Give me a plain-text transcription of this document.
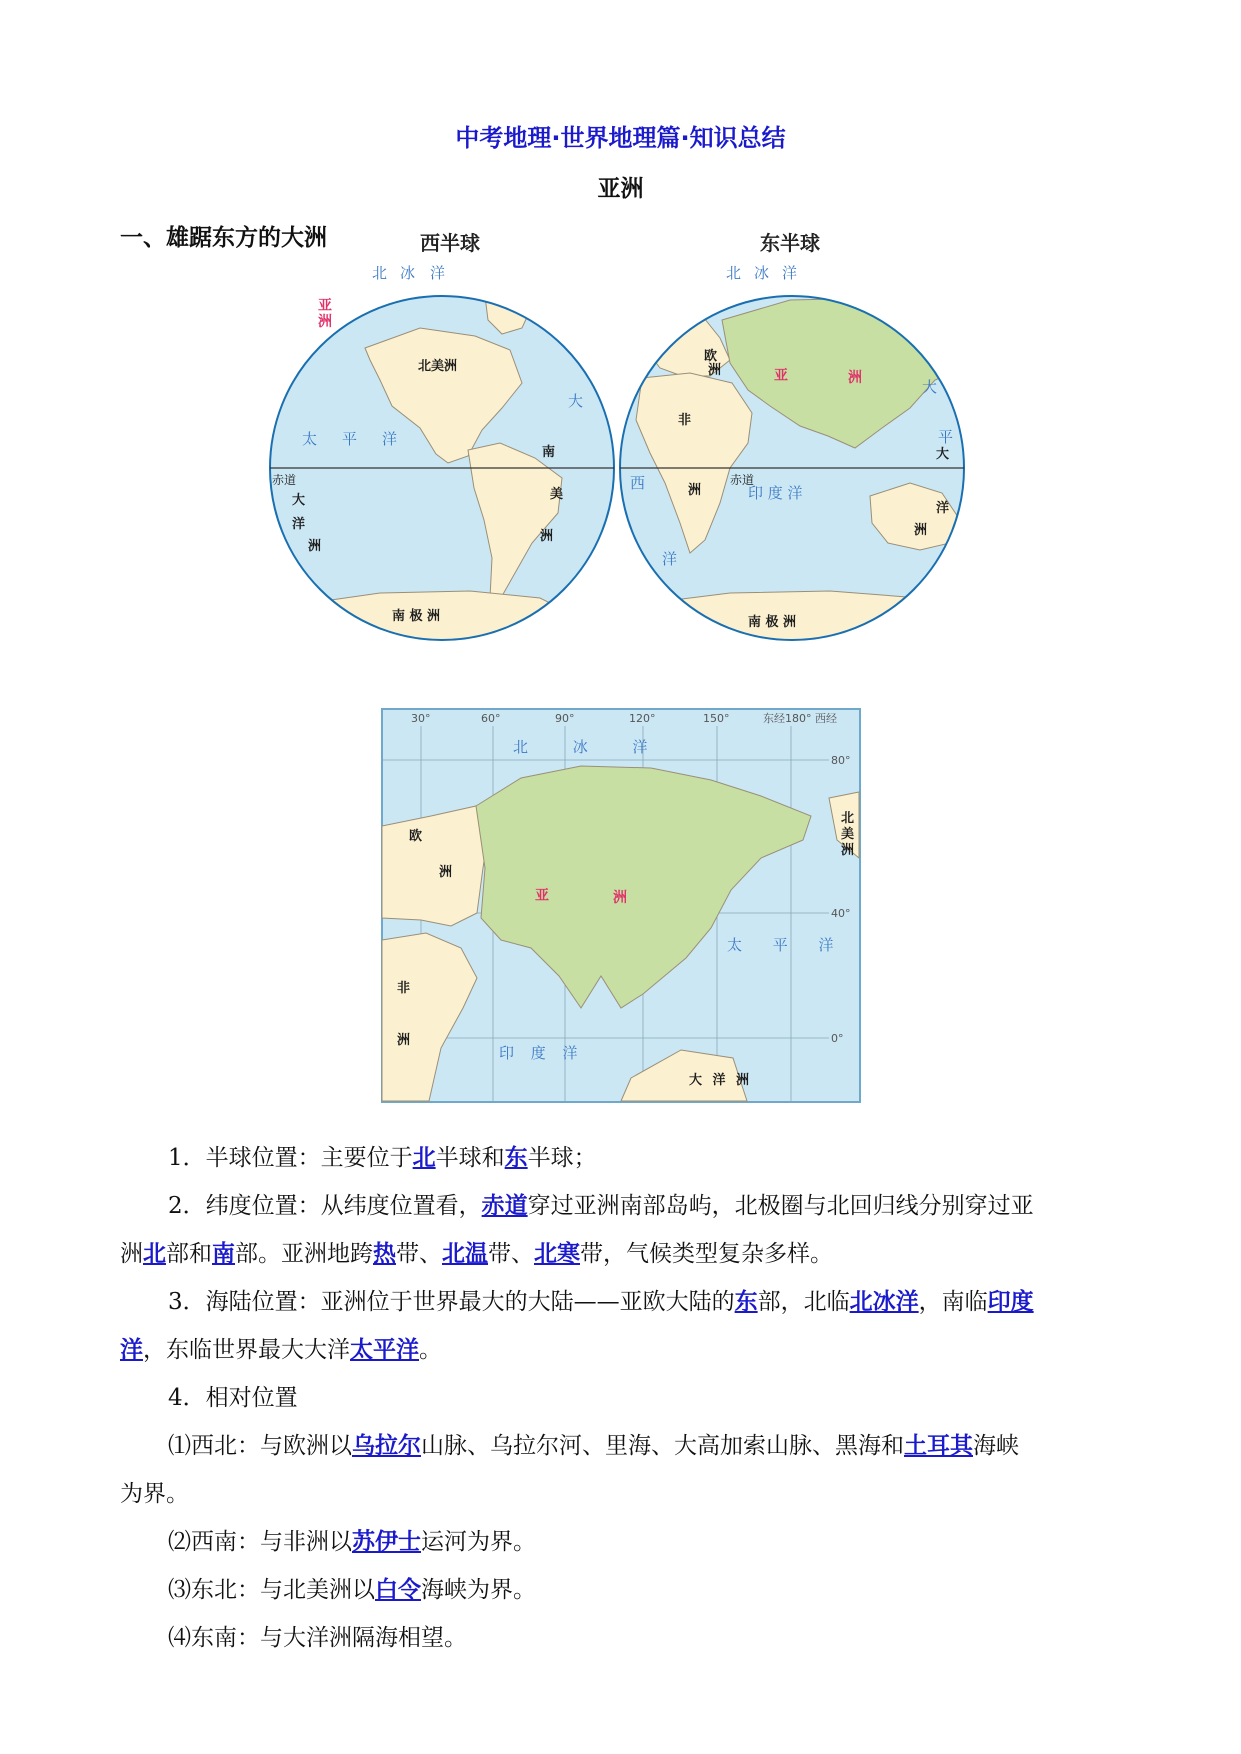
中考地理·世界地理篇·知识总结
亚洲
一、雄踞东方的大洲	西半球	东半球
北 冰 洋
亚
洲
北美洲
大
太 平 洋
赤道
南
美
洲
大
洋
洲
南 极 洲
北 冰 洋
欧
洲	亚	洲	大
非
洲
西	赤道
印 度 洋
洋
平
大
洋
洲
南 极 洲
30°	60°	90°	120°	150°	东经180° 西经
80°
40°
0°
北 冰 洋
欧
洲
亚	洲
北
美
洲
太 平 洋
非
洲
印 度 洋
大 洋 洲
1．半球位置：主要位于北半球和东半球；
2．纬度位置：从纬度位置看，赤道穿过亚洲南部岛屿，北极圈与北回归线分别穿过亚
洲北部和南部。亚洲地跨热带、北温带、北寒带，气候类型复杂多样。
3．海陆位置：亚洲位于世界最大的大陆——亚欧大陆的东部，北临北冰洋，南临印度
洋，东临世界最大大洋太平洋。
4．相对位置
⑴西北：与欧洲以乌拉尔山脉、乌拉尔河、里海、大高加索山脉、黑海和土耳其海峡
为界。
⑵西南：与非洲以苏伊士运河为界。
⑶东北：与北美洲以白令海峡为界。
⑷东南：与大洋洲隔海相望。
